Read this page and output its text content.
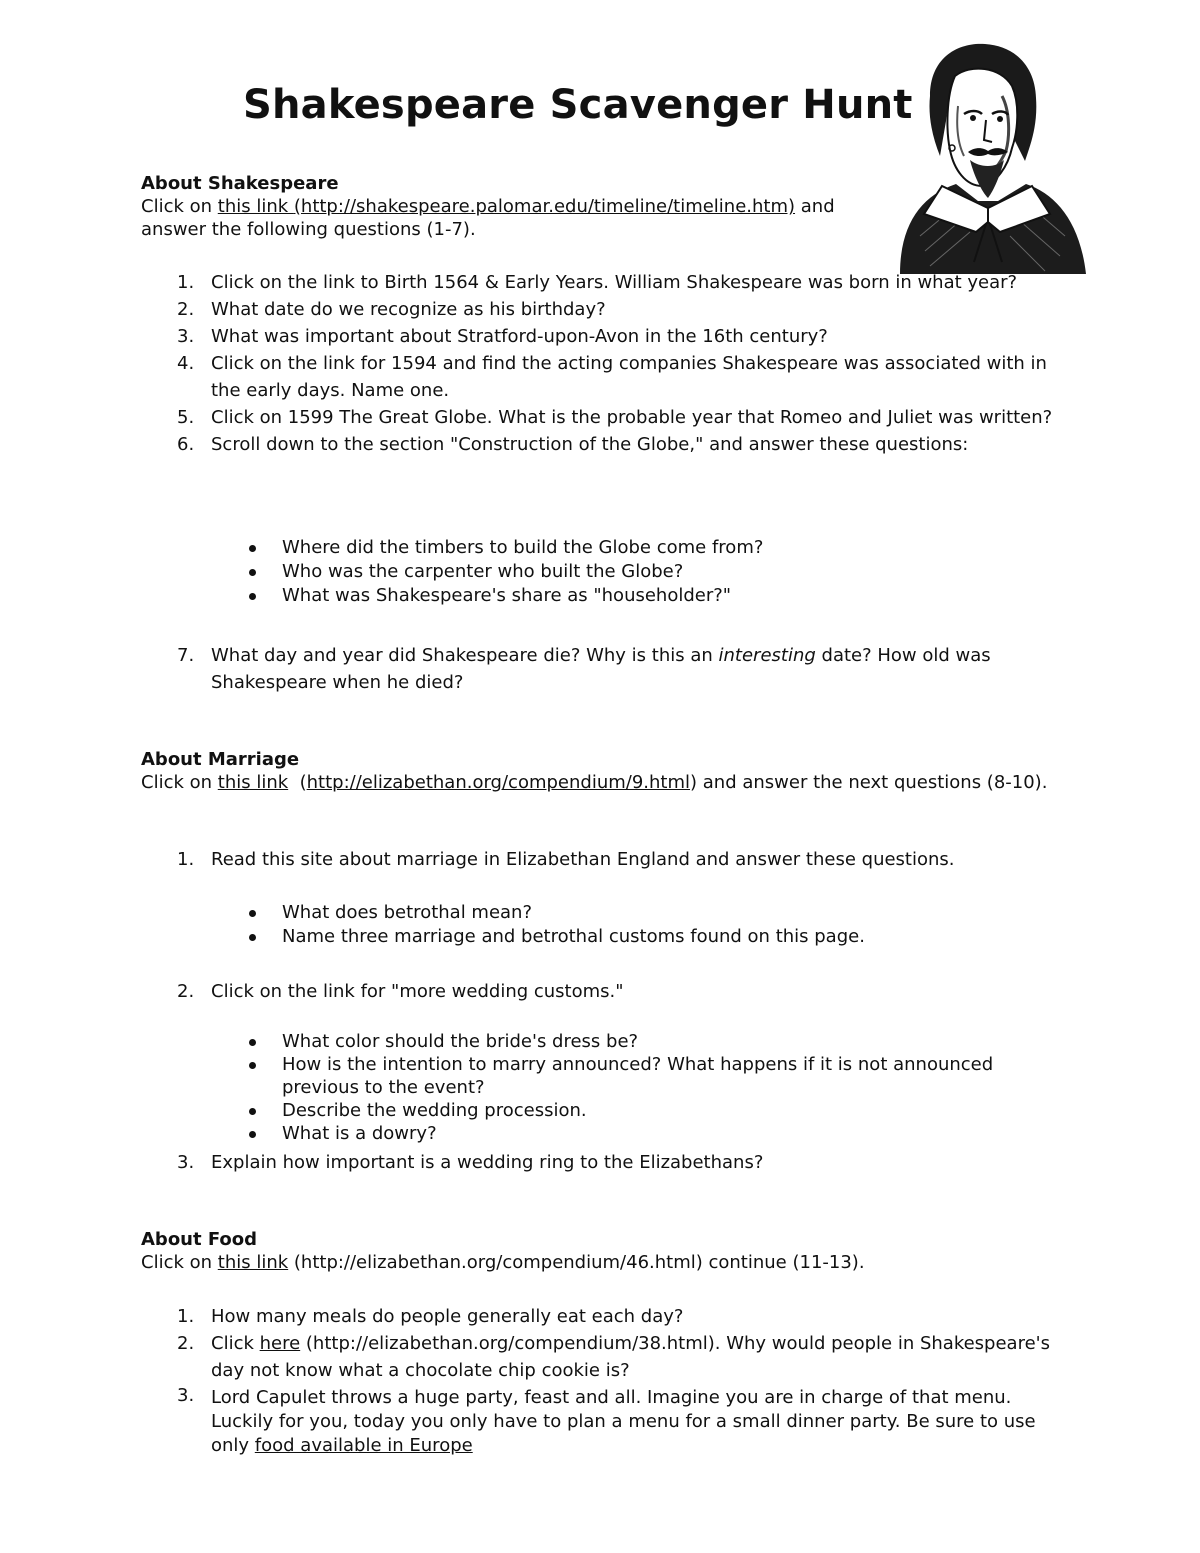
Shakespeare Scavenger Hunt
About Shakespeare
Click on this link (http://shakespeare.palomar.edu/timeline/timeline.htm) and
answer the following questions (1-7).
1. Click on the link to Birth 1564 & Early Years. William Shakespeare was born in what year?
2. What date do we recognize as his birthday?
3. What was important about Stratford-upon-Avon in the 16th century?
4. Click on the link for 1594 and find the acting companies Shakespeare was associated with in the early days. Name one.
5. Click on 1599 The Great Globe. What is the probable year that Romeo and Juliet was written?
6. Scroll down to the section "Construction of the Globe," and answer these questions:
Where did the timbers to build the Globe come from?
Who was the carpenter who built the Globe?
What was Shakespeare's share as "householder?"
7. What day and year did Shakespeare die? Why is this an interesting date? How old was Shakespeare when he died?
About Marriage
Click on this link  (http://elizabethan.org/compendium/9.html) and answer the next questions (8-10).
1. Read this site about marriage in Elizabethan England and answer these questions.
What does betrothal mean?
Name three marriage and betrothal customs found on this page.
2. Click on the link for "more wedding customs."
What color should the bride's dress be?
How is the intention to marry announced? What happens if it is not announced previous to the event?
Describe the wedding procession.
What is a dowry?
3. Explain how important is a wedding ring to the Elizabethans?
About Food
Click on this link (http://elizabethan.org/compendium/46.html) continue (11-13).
1. How many meals do people generally eat each day?
2. Click here (http://elizabethan.org/compendium/38.html). Why would people in Shakespeare's day not know what a chocolate chip cookie is?
3. Lord Capulet throws a huge party, feast and all. Imagine you are in charge of that menu. Luckily for you, today you only have to plan a menu for a small dinner party. Be sure to use only food available in Europe
